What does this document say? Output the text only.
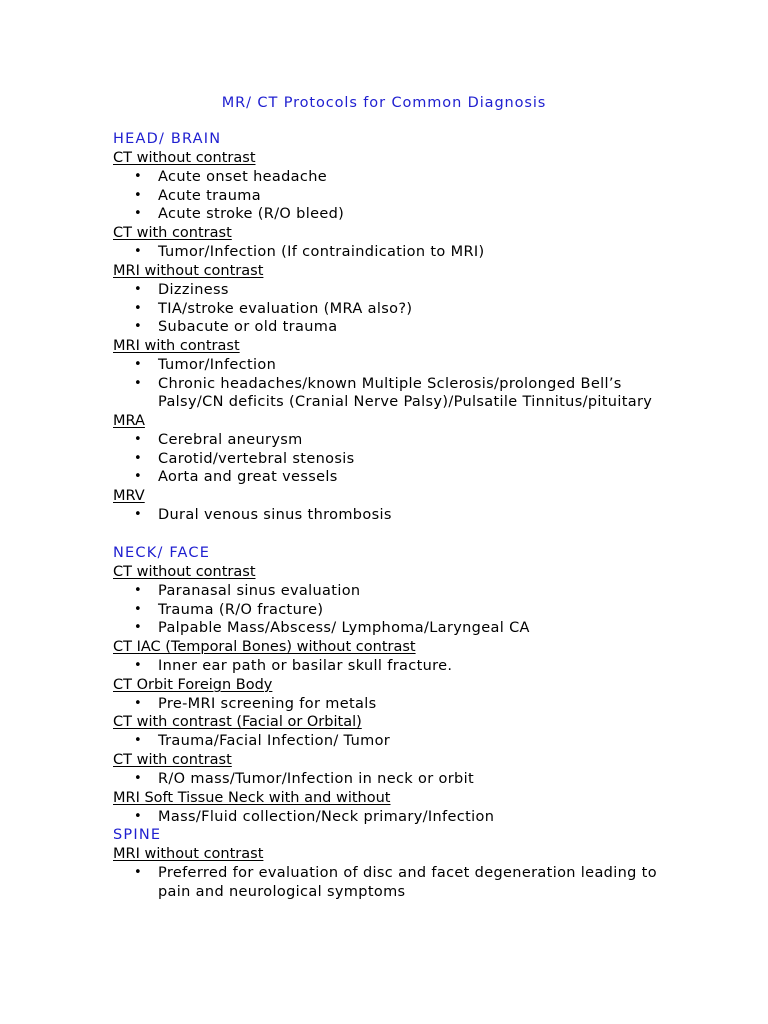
MR/ CT Protocols for Common Diagnosis
HEAD/ BRAIN
CT without contrast
• Acute onset headache
• Acute trauma
• Acute stroke (R/O bleed)
CT with contrast
• Tumor/Infection (If contraindication to MRI)
MRI without contrast
• Dizziness
• TIA/stroke evaluation (MRA also?)
• Subacute or old trauma
MRI with contrast
• Tumor/Infection
• Chronic headaches/known Multiple Sclerosis/prolonged Bell’s Palsy/CN deficits (Cranial Nerve Palsy)/Pulsatile Tinnitus/pituitary
MRA
• Cerebral aneurysm
• Carotid/vertebral stenosis
• Aorta and great vessels
MRV
• Dural venous sinus thrombosis
NECK/ FACE
CT without contrast
• Paranasal sinus evaluation
• Trauma (R/O fracture)
• Palpable Mass/Abscess/ Lymphoma/Laryngeal CA
CT IAC (Temporal Bones) without contrast
• Inner ear path or basilar skull fracture.
CT Orbit Foreign Body
• Pre-MRI screening for metals
CT with contrast (Facial or Orbital)
• Trauma/Facial Infection/ Tumor
CT with contrast
• R/O mass/Tumor/Infection in neck or orbit
MRI Soft Tissue Neck with and without
• Mass/Fluid collection/Neck primary/Infection
SPINE
MRI without contrast
• Preferred for evaluation of disc and facet degeneration leading to pain and neurological symptoms
